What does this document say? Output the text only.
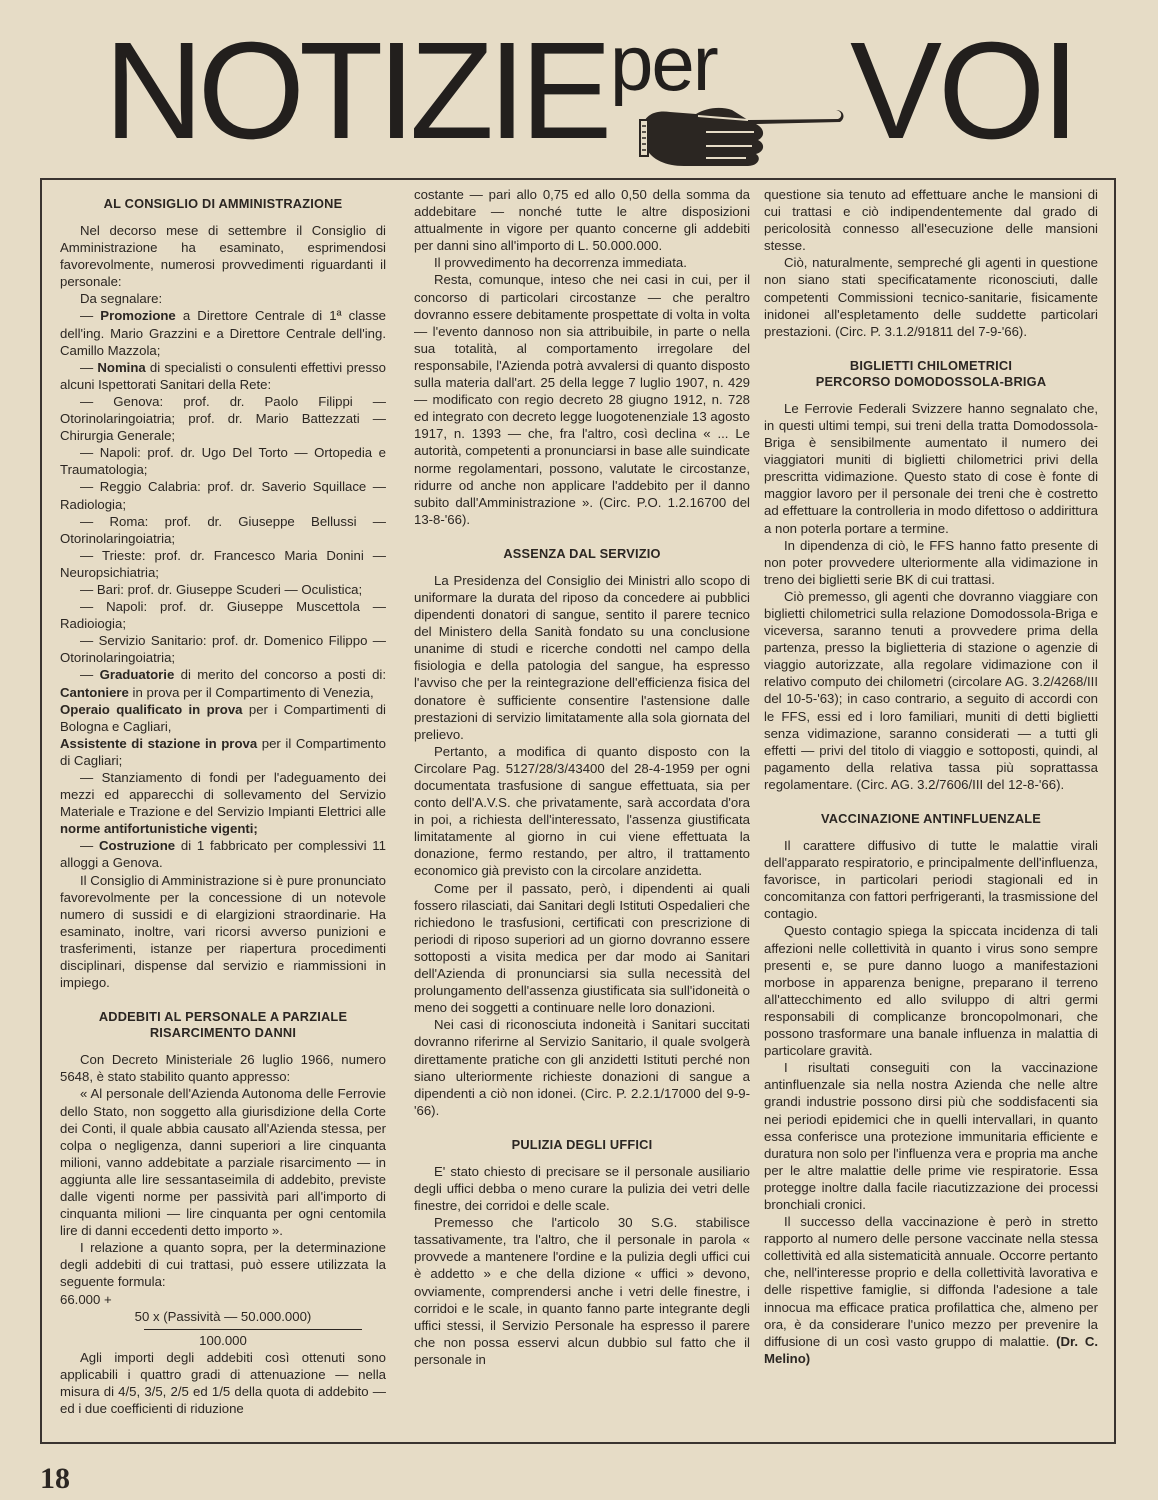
NOTIZIE per VOI
AL CONSIGLIO DI AMMINISTRAZIONE

Nel decorso mese di settembre il Consiglio di Amministrazione ha esaminato, esprimendosi favorevolmente, numerosi provvedimenti riguardanti il personale:

Da segnalare:

— Promozione a Direttore Centrale di 1ª classe dell'ing. Mario Grazzini e a Direttore Centrale dell'ing. Camillo Mazzola;

— Nomina di specialisti o consulenti effettivi presso alcuni Ispettorati Sanitari della Rete:

— Genova: prof. dr. Paolo Filippi — Otorinolaringoiatria; prof. dr. Mario Battezzati — Chirurgia Generale;

— Napoli: prof. dr. Ugo Del Torto — Ortopedia e Traumatologia;

— Reggio Calabria: prof. dr. Saverio Squillace — Radiologia;

— Roma: prof. dr. Giuseppe Bellussi — Otorinolaringoiatria;

— Trieste: prof. dr. Francesco Maria Donini — Neuropsichiatria;

— Bari: prof. dr. Giuseppe Scuderi — Oculistica;

— Napoli: prof. dr. Giuseppe Muscettola — Radioiogia;

— Servizio Sanitario: prof. dr. Domenico Filippo — Otorinolaringoiatria;

— Graduatorie di merito del concorso a posti di: Cantoniere in prova per il Compartimento di Venezia,

Operaio qualificato in prova per i Compartimenti di Bologna e Cagliari,

Assistente di stazione in prova per il Compartimento di Cagliari;

— Stanziamento di fondi per l'adeguamento dei mezzi ed apparecchi di sollevamento del Servizio Materiale e Trazione e del Servizio Impianti Elettrici alle norme antifortunistiche vigenti;

— Costruzione di 1 fabbricato per complessivi 11 alloggi a Genova.

Il Consiglio di Amministrazione si è pure pronunciato favorevolmente per la concessione di un notevole numero di sussidi e di elargizioni straordinarie. Ha esaminato, inoltre, vari ricorsi avverso punizioni e trasferimenti, istanze per riapertura procedimenti disciplinari, dispense dal servizio e riammissioni in impiego.

ADDEBITI AL PERSONALE A PARZIALE
RISARCIMENTO DANNI

Con Decreto Ministeriale 26 luglio 1966, numero 5648, è stato stabilito quanto appresso:

« Al personale dell'Azienda Autonoma delle Ferrovie dello Stato, non soggetto alla giurisdizione della Corte dei Conti, il quale abbia causato all'Azienda stessa, per colpa o negligenza, danni superiori a lire cinquanta milioni, vanno addebitate a parziale risarcimento — in aggiunta alle lire sessantaseimila di addebito, previste dalle vigenti norme per passività pari all'importo di cinquanta milioni — lire cinquanta per ogni centomila lire di danni eccedenti detto importo ».

I relazione a quanto sopra, per la determinazione degli addebiti di cui trattasi, può essere utilizzata la seguente formula:

66.000 +

50 x (Passività — 50.000.000)

100.000

Agli importi degli addebiti così ottenuti sono applicabili i quattro gradi di attenuazione — nella misura di 4/5, 3/5, 2/5 ed 1/5 della quota di addebito — ed i due coefficienti di riduzione

costante — pari allo 0,75 ed allo 0,50 della somma da addebitare — nonché tutte le altre disposizioni attualmente in vigore per quanto concerne gli addebiti per danni sino all'importo di L. 50.000.000.

Il provvedimento ha decorrenza immediata.

Resta, comunque, inteso che nei casi in cui, per il concorso di particolari circostanze — che peraltro dovranno essere debitamente prospettate di volta in volta — l'evento dannoso non sia attribuibile, in parte o nella sua totalità, al comportamento irregolare del responsabile, l'Azienda potrà avvalersi di quanto disposto sulla materia dall'art. 25 della legge 7 luglio 1907, n. 429 — modificato con regio decreto 28 giugno 1912, n. 728 ed integrato con decreto legge luogotenenziale 13 agosto 1917, n. 1393 — che, fra l'altro, così declina « ... Le autorità, competenti a pronunciarsi in base alle suindicate norme regolamentari, possono, valutate le circostanze, ridurre od anche non applicare l'addebito per il danno subito dall'Amministrazione ». (Circ. P.O. 1.2.16700 del 13-8-'66).

ASSENZA DAL SERVIZIO

La Presidenza del Consiglio dei Ministri allo scopo di uniformare la durata del riposo da concedere ai pubblici dipendenti donatori di sangue, sentito il parere tecnico del Ministero della Sanità fondato su una conclusione unanime di studi e ricerche condotti nel campo della fisiologia e della patologia del sangue, ha espresso l'avviso che per la reintegrazione dell'efficienza fisica del donatore è sufficiente consentire l'astensione dalle prestazioni di servizio limitatamente alla sola giornata del prelievo.

Pertanto, a modifica di quanto disposto con la Circolare Pag. 5127/28/3/43400 del 28-4-1959 per ogni documentata trasfusione di sangue effettuata, sia per conto dell'A.V.S. che privatamente, sarà accordata d'ora in poi, a richiesta dell'interessato, l'assenza giustificata limitatamente al giorno in cui viene effettuata la donazione, fermo restando, per altro, il trattamento economico già previsto con la circolare anzidetta.

Come per il passato, però, i dipendenti ai quali fossero rilasciati, dai Sanitari degli Istituti Ospedalieri che richiedono le trasfusioni, certificati con prescrizione di periodi di riposo superiori ad un giorno dovranno essere sottoposti a visita medica per dar modo ai Sanitari dell'Azienda di pronunciarsi sia sulla necessità del prolungamento dell'assenza giustificata sia sull'idoneità o meno dei soggetti a continuare nelle loro donazioni.

Nei casi di riconosciuta indoneità i Sanitari succitati dovranno riferirne al Servizio Sanitario, il quale svolgerà direttamente pratiche con gli anzidetti Istituti perché non siano ulteriormente richieste donazioni di sangue a dipendenti a ciò non idonei. (Circ. P. 2.2.1/17000 del 9-9-'66).

PULIZIA DEGLI UFFICI

E' stato chiesto di precisare se il personale ausiliario degli uffici debba o meno curare la pulizia dei vetri delle finestre, dei corridoi e delle scale.

Premesso che l'articolo 30 S.G. stabilisce tassativamente, tra l'altro, che il personale in parola « provvede a mantenere l'ordine e la pulizia degli uffici cui è addetto » e che della dizione « uffici » devono, ovviamente, comprendersi anche i vetri delle finestre, i corridoi e le scale, in quanto fanno parte integrante degli uffici stessi, il Servizio Personale ha espresso il parere che non possa esservi alcun dubbio sul fatto che il personale in

questione sia tenuto ad effettuare anche le mansioni di cui trattasi e ciò indipendentemente dal grado di pericolosità connesso all'esecuzione delle mansioni stesse.

Ciò, naturalmente, sempreché gli agenti in questione non siano stati specificatamente riconosciuti, dalle competenti Commissioni tecnico-sanitarie, fisicamente inidonei all'espletamento delle suddette particolari prestazioni. (Circ. P. 3.1.2/91811 del 7-9-'66).

BIGLIETTI CHILOMETRICI
PERCORSO DOMODOSSOLA-BRIGA

Le Ferrovie Federali Svizzere hanno segnalato che, in questi ultimi tempi, sui treni della tratta Domodossola-Briga è sensibilmente aumentato il numero dei viaggiatori muniti di biglietti chilometrici privi della prescritta vidimazione. Questo stato di cose è fonte di maggior lavoro per il personale dei treni che è costretto ad effettuare la controlleria in modo difettoso o addirittura a non poterla portare a termine.

In dipendenza di ciò, le FFS hanno fatto presente di non poter provvedere ulteriormente alla vidimazione in treno dei biglietti serie BK di cui trattasi.

Ciò premesso, gli agenti che dovranno viaggiare con biglietti chilometrici sulla relazione Domodossola-Briga e viceversa, saranno tenuti a provvedere prima della partenza, presso la biglietteria di stazione o agenzie di viaggio autorizzate, alla regolare vidimazione con il relativo computo dei chilometri (circolare AG. 3.2/4268/III del 10-5-'63); in caso contrario, a seguito di accordi con le FFS, essi ed i loro familiari, muniti di detti biglietti senza vidimazione, saranno considerati — a tutti gli effetti — privi del titolo di viaggio e sottoposti, quindi, al pagamento della relativa tassa più soprattassa regolamentare. (Circ. AG. 3.2/7606/III del 12-8-'66).

VACCINAZIONE ANTINFLUENZALE

Il carattere diffusivo di tutte le malattie virali dell'apparato respiratorio, e principalmente dell'influenza, favorisce, in particolari periodi stagionali ed in concomitanza con fattori perfrigeranti, la trasmissione del contagio.

Questo contagio spiega la spiccata incidenza di tali affezioni nelle collettività in quanto i virus sono sempre presenti e, se pure danno luogo a manifestazioni morbose in apparenza benigne, preparano il terreno all'attecchimento ed allo sviluppo di altri germi responsabili di complicanze broncopolmonari, che possono trasformare una banale influenza in malattia di particolare gravità.

I risultati conseguiti con la vaccinazione antinfluenzale sia nella nostra Azienda che nelle altre grandi industrie possono dirsi più che soddisfacenti sia nei periodi epidemici che in quelli intervallari, in quanto essa conferisce una protezione immunitaria efficiente e duratura non solo per l'influenza vera e propria ma anche per le altre malattie delle prime vie respiratorie. Essa protegge inoltre dalla facile riacutizzazione dei processi bronchiali cronici.

Il successo della vaccinazione è però in stretto rapporto al numero delle persone vaccinate nella stessa collettività ed alla sistematicità annuale. Occorre pertanto che, nell'interesse proprio e della collettività lavorativa e delle rispettive famiglie, si diffonda l'adesione a tale innocua ma efficace pratica profilattica che, almeno per ora, è da considerare l'unico mezzo per prevenire la diffusione di un così vasto gruppo di malattie. (Dr. C. Melino)

18
